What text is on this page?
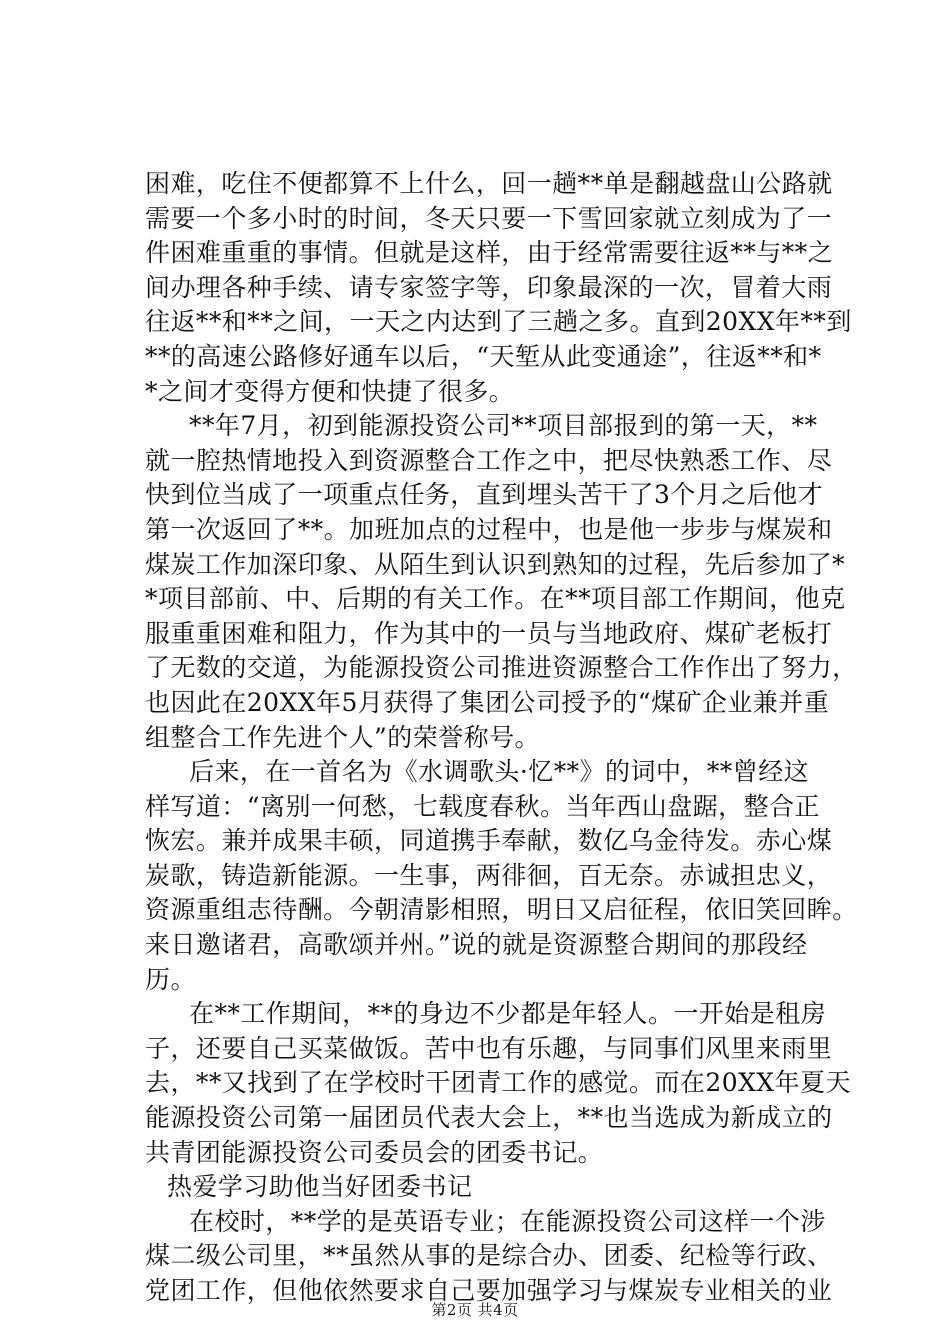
困难，吃住不便都算不上什么，回一趟**单是翻越盘山公路就
需要一个多小时的时间，冬天只要一下雪回家就立刻成为了一
件困难重重的事情。但就是这样，由于经常需要往返**与**之
间办理各种手续、请专家签字等，印象最深的一次，冒着大雨
往返**和**之间，一天之内达到了三趟之多。直到20XX年**到
**的高速公路修好通车以后，“天堑从此变通途”，往返**和*
*之间才变得方便和快捷了很多。
**年7月，初到能源投资公司**项目部报到的第一天，**
就一腔热情地投入到资源整合工作之中，把尽快熟悉工作、尽
快到位当成了一项重点任务，直到埋头苦干了3个月之后他才
第一次返回了**。加班加点的过程中，也是他一步步与煤炭和
煤炭工作加深印象、从陌生到认识到熟知的过程，先后参加了*
*项目部前、中、后期的有关工作。在**项目部工作期间，他克
服重重困难和阻力，作为其中的一员与当地政府、煤矿老板打
了无数的交道，为能源投资公司推进资源整合工作作出了努力，
也因此在20XX年5月获得了集团公司授予的“煤矿企业兼并重
组整合工作先进个人”的荣誉称号。
后来，在一首名为《水调歌头·忆**》的词中，**曾经这
样写道：“离别一何愁，七载度春秋。当年西山盘踞，整合正
恢宏。兼并成果丰硕，同道携手奉献，数亿乌金待发。赤心煤
炭歌，铸造新能源。一生事，两徘徊，百无奈。赤诚担忠义，
资源重组志待酬。今朝清影相照，明日又启征程，依旧笑回眸。
来日邀诸君，高歌颂并州。”说的就是资源整合期间的那段经
历。
在**工作期间，**的身边不少都是年轻人。一开始是租房
子，还要自己买菜做饭。苦中也有乐趣，与同事们风里来雨里
去，**又找到了在学校时干团青工作的感觉。而在20XX年夏天
能源投资公司第一届团员代表大会上，**也当选成为新成立的
共青团能源投资公司委员会的团委书记。
热爱学习助他当好团委书记
在校时，**学的是英语专业；在能源投资公司这样一个涉
煤二级公司里，**虽然从事的是综合办、团委、纪检等行政、
党团工作，但他依然要求自己要加强学习与煤炭专业相关的业
第2页 共4页
